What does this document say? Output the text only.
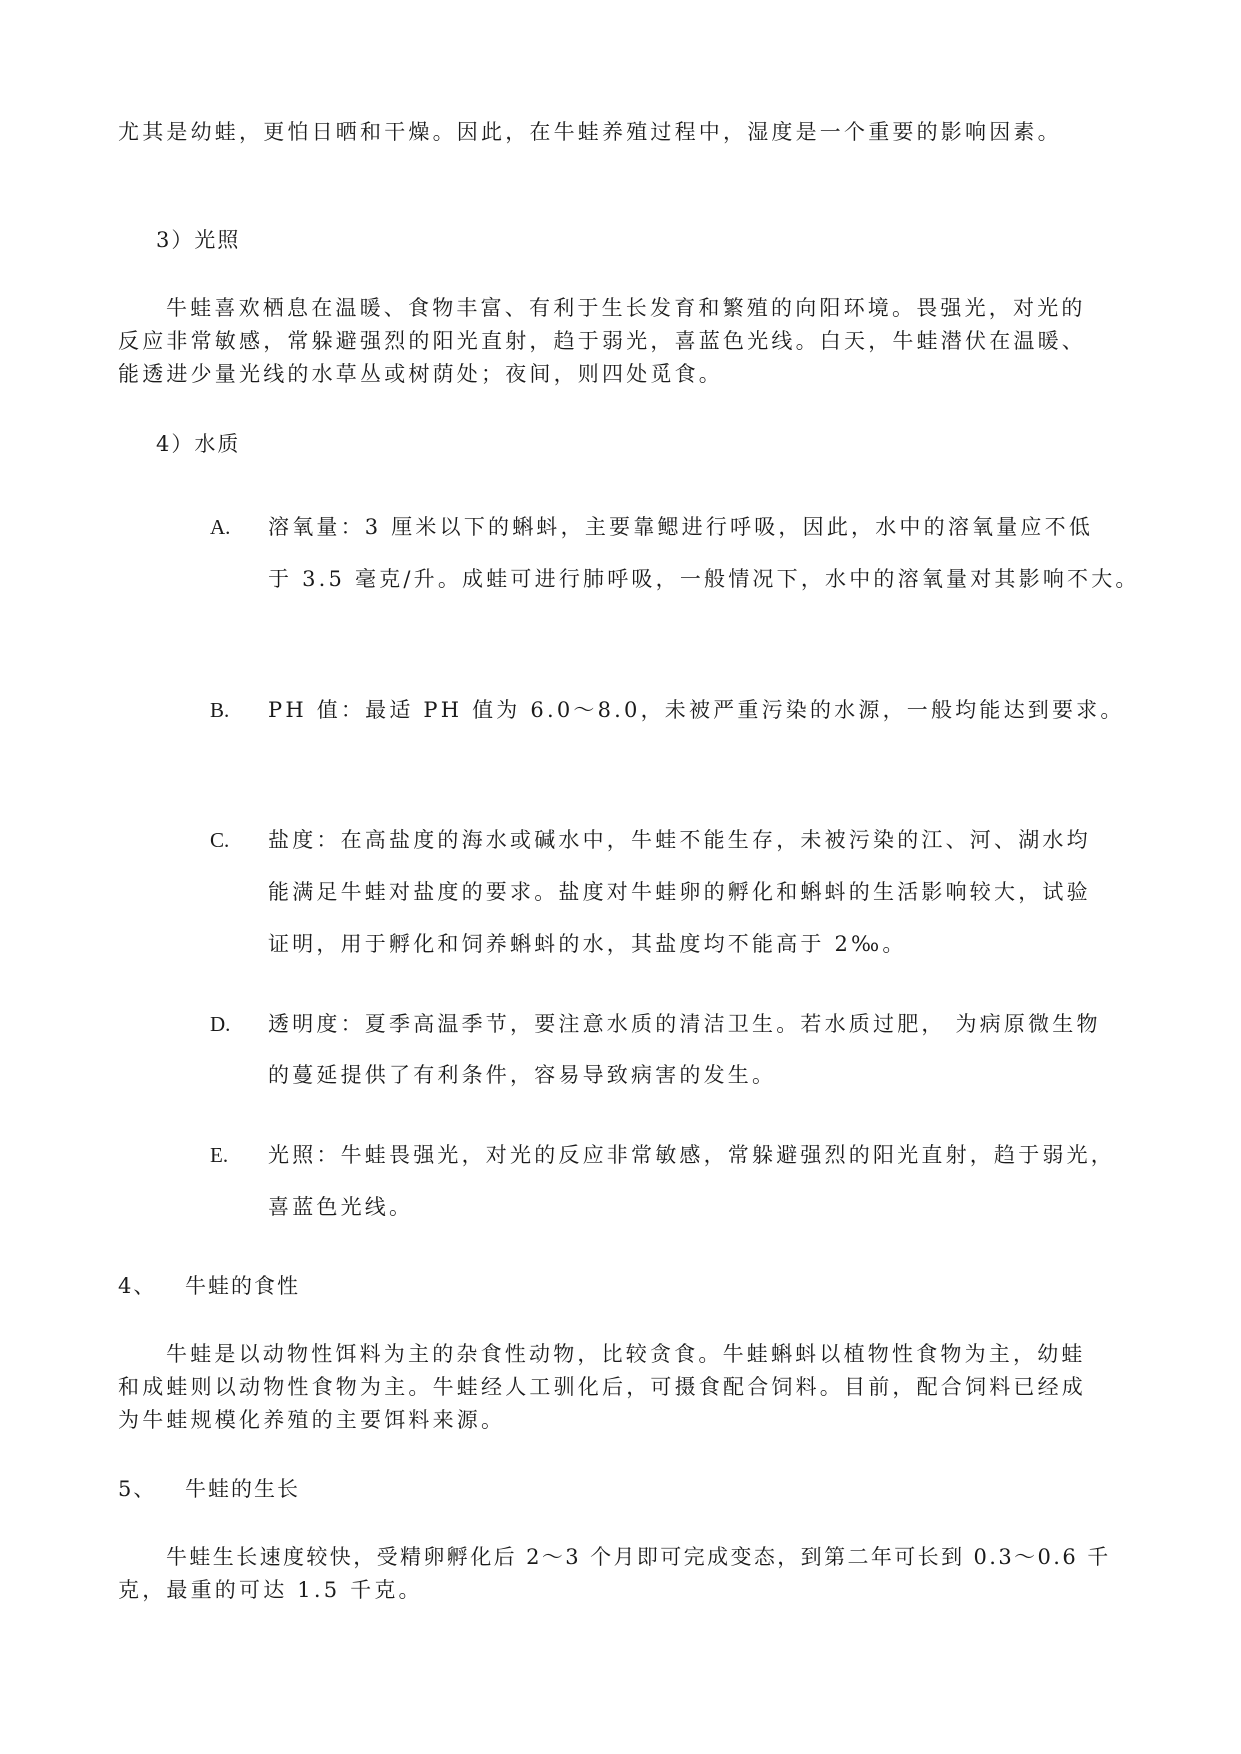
尤其是幼蛙，更怕日晒和干燥。因此，在牛蛙养殖过程中，湿度是一个重要的影响因素。
3）光照
牛蛙喜欢栖息在温暖、食物丰富、有利于生长发育和繁殖的向阳环境。畏强光，对光的
反应非常敏感，常躲避强烈的阳光直射，趋于弱光，喜蓝色光线。白天，牛蛙潜伏在温暖、
能透进少量光线的水草丛或树荫处；夜间，则四处觅食。
4）水质
A. 溶氧量：3 厘米以下的蝌蚪，主要靠鳃进行呼吸，因此，水中的溶氧量应不低
于 3.5 毫克/升。成蛙可进行肺呼吸，一般情况下，水中的溶氧量对其影响不大。
B. PH 值：最适 PH 值为 6.0～8.0，未被严重污染的水源，一般均能达到要求。
C. 盐度：在高盐度的海水或碱水中，牛蛙不能生存，未被污染的江、河、湖水均
能满足牛蛙对盐度的要求。盐度对牛蛙卵的孵化和蝌蚪的生活影响较大，试验
证明，用于孵化和饲养蝌蚪的水，其盐度均不能高于 2‰。
D. 透明度：夏季高温季节，要注意水质的清洁卫生。若水质过肥， 为病原微生物
的蔓延提供了有利条件，容易导致病害的发生。
E. 光照：牛蛙畏强光，对光的反应非常敏感，常躲避强烈的阳光直射，趋于弱光，
喜蓝色光线。
4、 牛蛙的食性
牛蛙是以动物性饵料为主的杂食性动物，比较贪食。牛蛙蝌蚪以植物性食物为主，幼蛙
和成蛙则以动物性食物为主。牛蛙经人工驯化后，可摄食配合饲料。目前，配合饲料已经成
为牛蛙规模化养殖的主要饵料来源。
5、 牛蛙的生长
牛蛙生长速度较快，受精卵孵化后 2～3 个月即可完成变态，到第二年可长到 0.3～0.6 千
克，最重的可达 1.5 千克。
